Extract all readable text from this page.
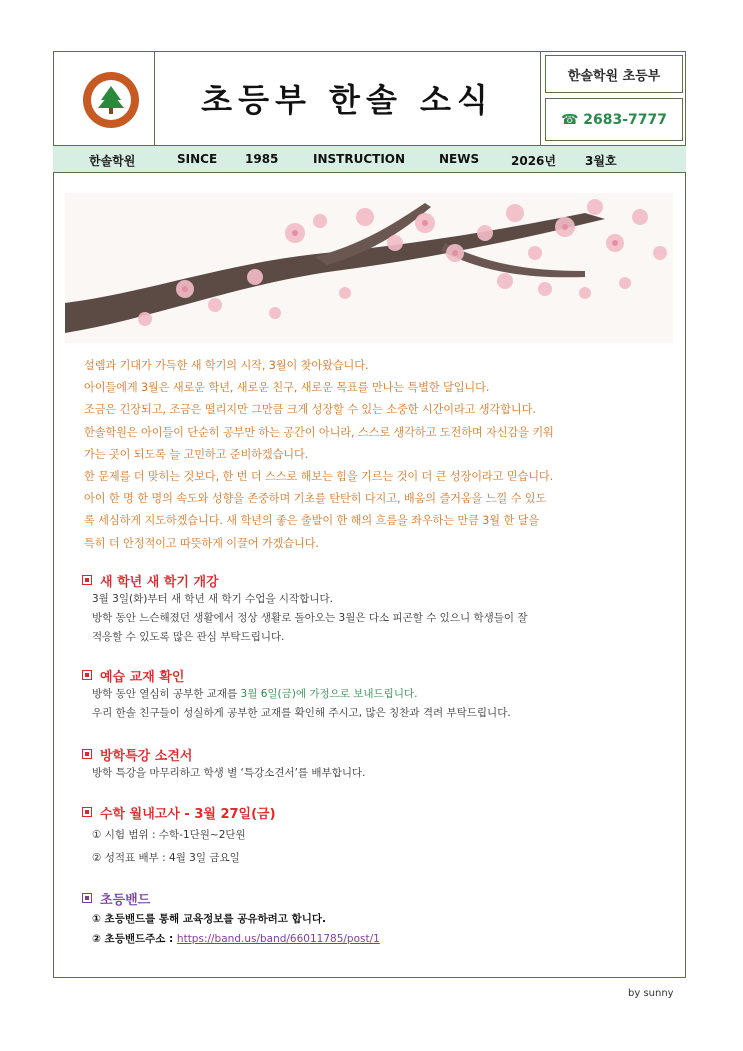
초등부 한솔 소식
한솔학원 초등부
☎ 2683-7777
한솔학원	SINCE 1985	INSTRUCTION	NEWS	2026년 3월호
설렘과 기대가 가득한 새 학기의 시작, 3월이 찾아왔습니다.
아이들에게 3월은 새로운 학년, 새로운 친구, 새로운 목표를 만나는 특별한 달입니다.
조금은 긴장되고, 조금은 떨리지만 그만큼 크게 성장할 수 있는 소중한 시간이라고 생각합니다.
한솔학원은 아이들이 단순히 공부만 하는 공간이 아니라, 스스로 생각하고 도전하며 자신감을 키워
가는 곳이 되도록 늘 고민하고 준비하겠습니다.
한 문제를 더 맞히는 것보다, 한 번 더 스스로 해보는 힘을 기르는 것이 더 큰 성장이라고 믿습니다.
아이 한 명 한 명의 속도와 성향을 존중하며 기초를 탄탄히 다지고, 배움의 즐거움을 느낄 수 있도
록 세심하게 지도하겠습니다. 새 학년의 좋은 출발이 한 해의 흐름을 좌우하는 만큼 3월 한 달을
특히 더 안정적이고 따뜻하게 이끌어 가겠습니다.
새 학년 새 학기 개강
3월 3일(화)부터 새 학년 새 학기 수업을 시작합니다.
방학 동안 느슨해졌던 생활에서 정상 생활로 돌아오는 3월은 다소 피곤할 수 있으니 학생들이 잘
적응할 수 있도록 많은 관심 부탁드립니다.
예습 교재 확인
방학 동안 열심히 공부한 교재를 3월 6일(금)에 가정으로 보내드립니다.
우리 한솔 친구들이 성실하게 공부한 교재를 확인해 주시고, 많은 칭찬과 격려 부탁드립니다.
방학특강 소견서
방학 특강을 마무리하고 학생 별 ‘특강소견서’를 배부합니다.
수학 월내고사 - 3월 27일(금)
① 시험 범위 : 수학-1단원~2단원
② 성적표 배부 : 4월 3일 금요일
초등밴드
① 초등밴드를 통해 교육정보를 공유하려고 합니다.
② 초등밴드주소 : https://band.us/band/66011785/post/1
by sunny
